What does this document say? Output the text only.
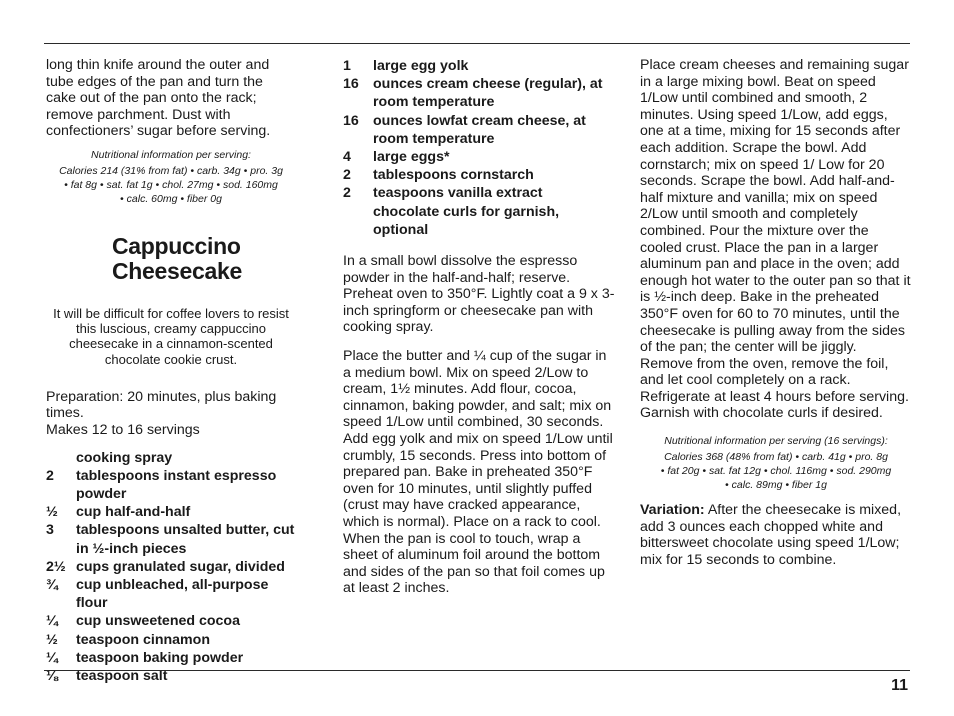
long thin knife around the outer and tube edges of the pan and turn the cake out of the pan onto the rack; remove parchment. Dust with confectioners’ sugar before serving.

Nutritional information per serving:

Calories 214 (31% from fat) • carb. 34g • pro. 3g

• fat 8g • sat. fat 1g • chol. 27mg • sod. 160mg

• calc. 60mg • fiber 0g

Cappuccino
Cheesecake

It will be difficult for coffee lovers to resist this luscious, creamy cappuccino cheesecake in a cinnamon-scented chocolate cookie crust.

Preparation: 20 minutes, plus baking times.

Makes 12 to 16 servings

cooking spray
2	tablespoons instant espresso powder
½	cup half-and-half
3	tablespoons unsalted butter, cut in ½-inch pieces
2½ cups granulated sugar, divided
¾	cup unbleached, all-purpose flour
¼	cup unsweetened cocoa
½	teaspoon cinnamon
¼	teaspoon baking powder
⅛	teaspoon salt
1	large egg yolk
16	ounces cream cheese (regular), at room temperature
16	ounces lowfat cream cheese, at room temperature
4	large eggs*
2	tablespoons cornstarch
2	teaspoons vanilla extract
chocolate curls for garnish, optional

In a small bowl dissolve the espresso powder in the half-and-half; reserve. Preheat oven to 350°F. Lightly coat a 9 x 3-inch springform or cheesecake pan with cooking spray.

Place the butter and ¼ cup of the sugar in a medium bowl. Mix on speed 2/Low to cream, 1½ minutes. Add flour, cocoa, cinnamon, baking powder, and salt; mix on speed 1/Low until combined, 30 seconds. Add egg yolk and mix on speed 1/Low until crumbly, 15 seconds. Press into bottom of prepared pan. Bake in preheated 350°F oven for 10 minutes, until slightly puffed (crust may have cracked appearance, which is normal). Place on a rack to cool. When the pan is cool to touch, wrap a sheet of aluminum foil around the bottom and sides of the pan so that foil comes up at least 2 inches.

Place cream cheeses and remaining sugar in a large mixing bowl. Beat on speed 1/Low until combined and smooth, 2 minutes. Using speed 1/Low, add eggs, one at a time, mixing for 15 seconds after each addition. Scrape the bowl. Add cornstarch; mix on speed 1/ Low for 20 seconds. Scrape the bowl. Add half-and-half mixture and vanilla; mix on speed 2/Low until smooth and completely combined. Pour the mixture over the cooled crust. Place the pan in a larger aluminum pan and place in the oven; add enough hot water to the outer pan so that it is ½-inch deep. Bake in the preheated 350°F oven for 60 to 70 minutes, until the cheesecake is pulling away from the sides of the pan; the center will be jiggly. Remove from the oven, remove the foil, and let cool completely on a rack. Refrigerate at least 4 hours before serving. Garnish with chocolate curls if desired.

Nutritional information per serving (16 servings):

Calories 368 (48% from fat) • carb. 41g • pro. 8g

• fat 20g • sat. fat 12g • chol. 116mg • sod. 290mg

• calc. 89mg • fiber 1g

Variation: After the cheesecake is mixed, add 3 ounces each chopped white and bittersweet chocolate using speed 1/Low; mix for 15 seconds to combine.

11
